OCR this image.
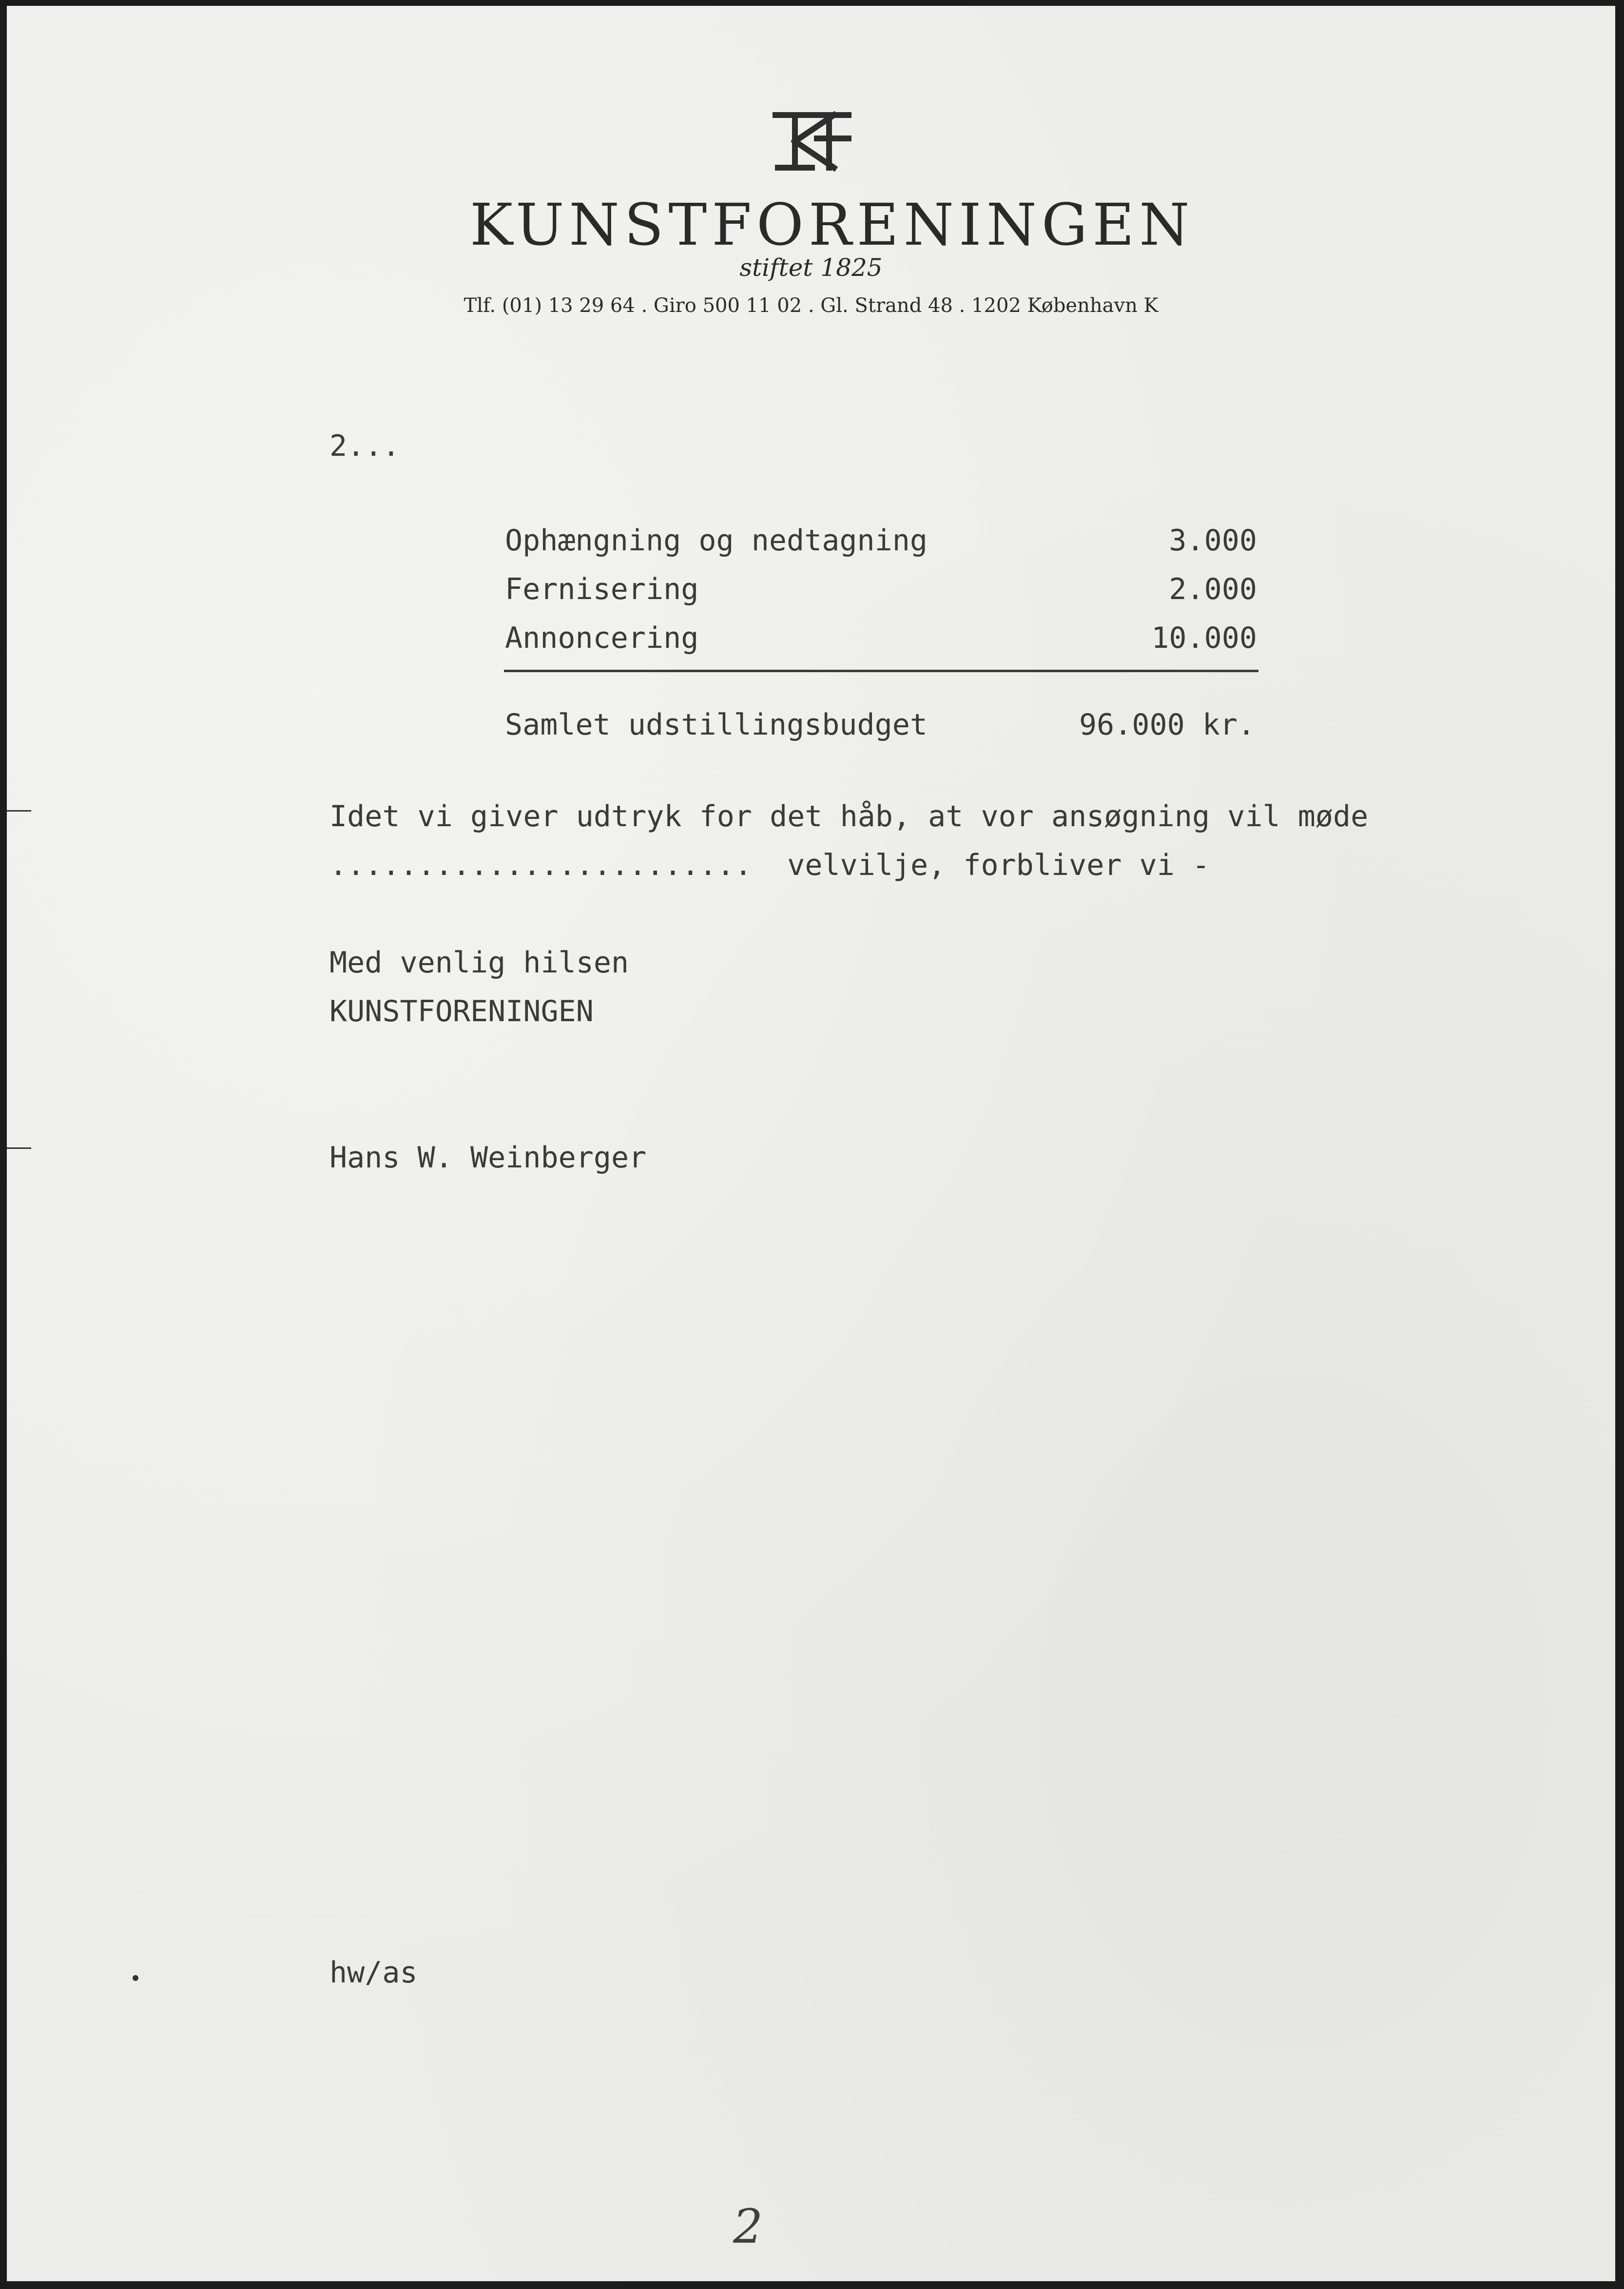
KUNSTFORENINGEN
stiftet 1825
Tlf. (01) 13 29 64 . Giro 500 11 02 . Gl. Strand 48 . 1202 København K
2...
Ophængning og nedtagning	3.000
Fernisering	2.000
Annoncering	10.000
Samlet udstillingsbudget	96.000 kr.
Idet vi giver udtryk for det håb, at vor ansøgning vil møde
........................  velvilje, forbliver vi -
Med venlig hilsen
KUNSTFORENINGEN
Hans W. Weinberger
hw/as
2
